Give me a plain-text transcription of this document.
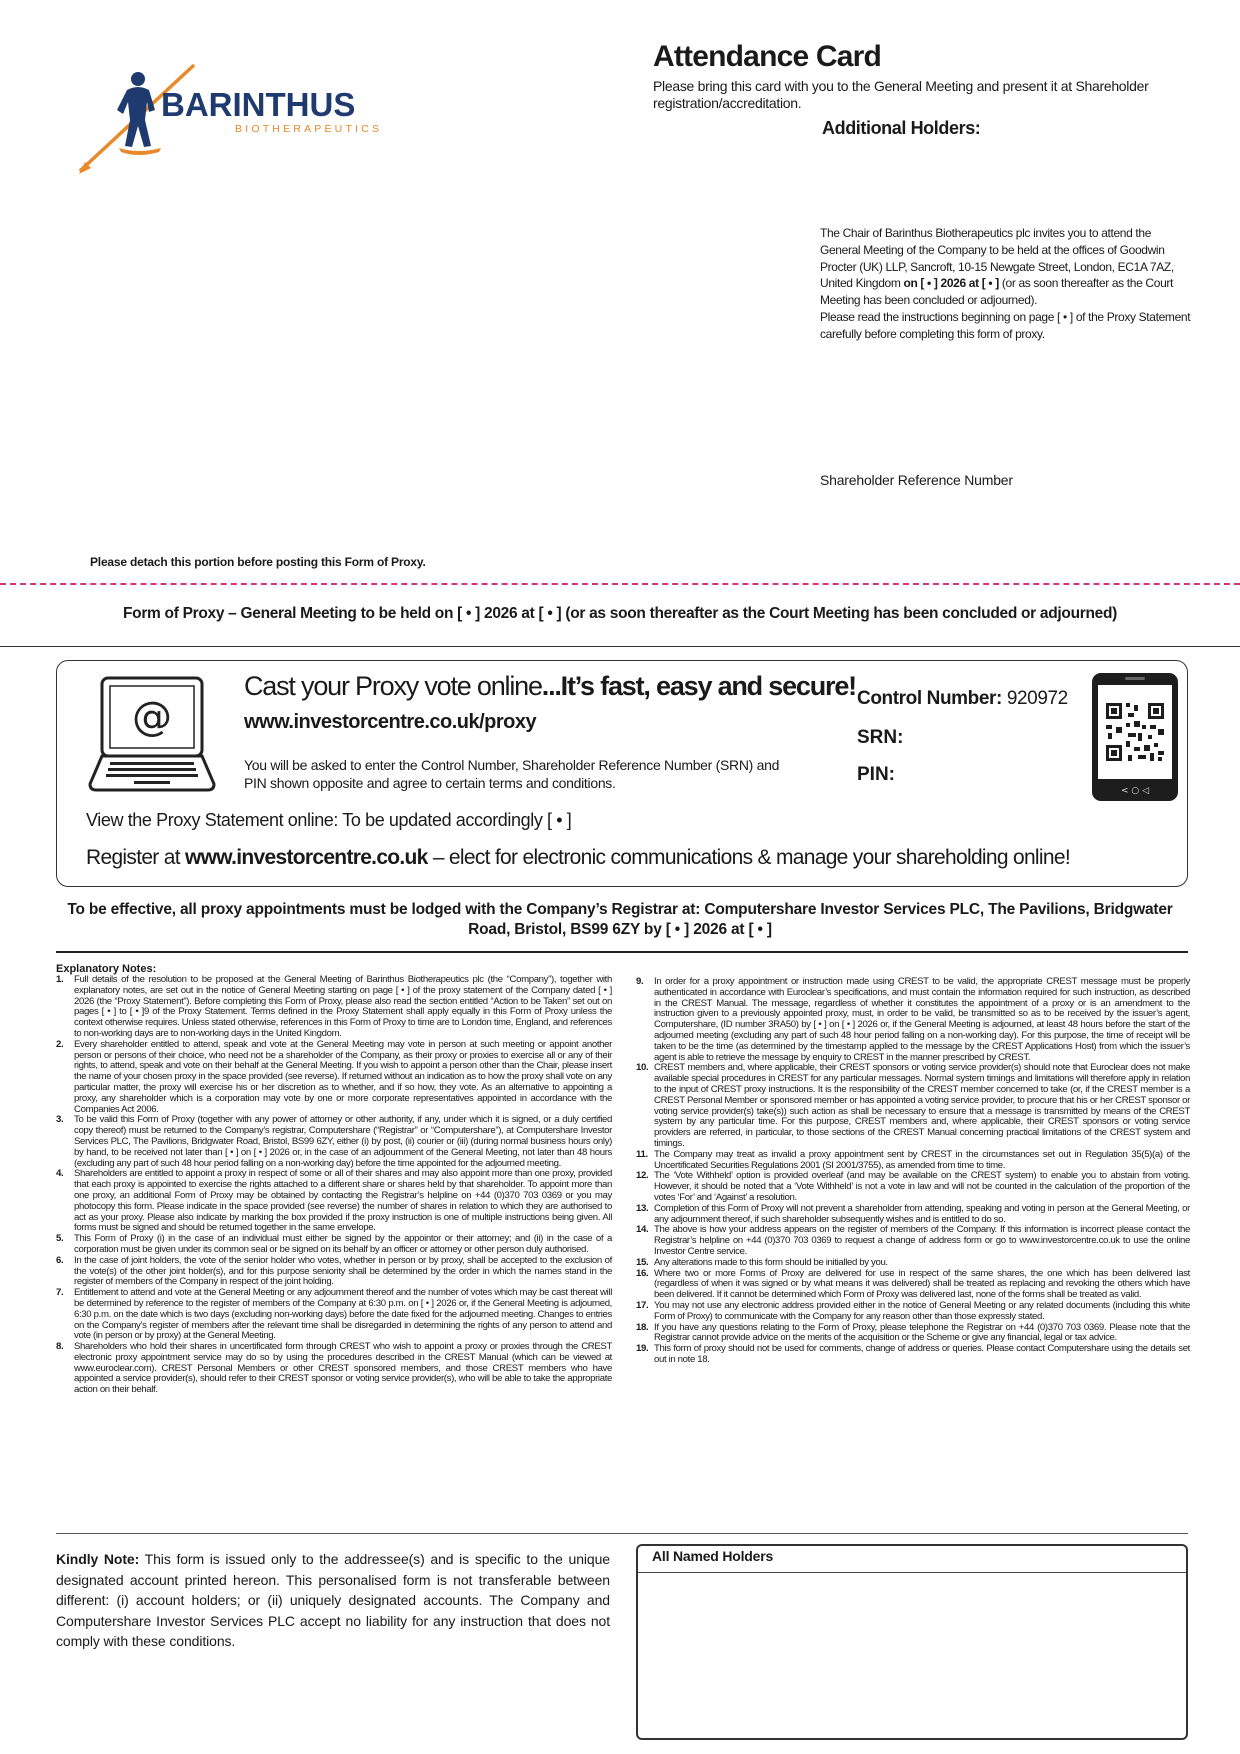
BARINTHUS
BIOTHERAPEUTICS
Attendance Card
Please bring this card with you to the General Meeting and present it at Shareholder registration/accreditation.
Additional Holders:

The Chair of Barinthus Biotherapeutics plc invites you to attend the General Meeting of the Company to be held at the offices of Goodwin Procter (UK) LLP, Sancroft, 10-15 Newgate Street, London, EC1A 7AZ, United Kingdom on [ • ] 2026 at [ • ] (or as soon thereafter as the Court Meeting has been concluded or adjourned).

Please read the instructions beginning on page [ • ] of the Proxy Statement carefully before completing this form of proxy.

Shareholder Reference Number
Please detach this portion before posting this Form of Proxy.
Form of Proxy – General Meeting to be held on [ • ] 2026 at [ • ] (or as soon thereafter as the Court Meeting has been concluded or adjourned)
@
Cast your Proxy vote online...It’s fast, easy and secure!
www.investorcentre.co.uk/proxy
You will be asked to enter the Control Number, Shareholder Reference Number (SRN) and PIN shown opposite and agree to certain terms and conditions.
Control Number: 920972
SRN:
PIN:
< ○ ◁
View the Proxy Statement online: To be updated accordingly [ • ]
Register at www.investorcentre.co.uk – elect for electronic communications & manage your shareholding online!
To be effective, all proxy appointments must be lodged with the Company’s Registrar at: Computershare Investor Services PLC, The Pavilions, Bridgwater Road, Bristol, BS99 6ZY by [ • ] 2026 at [ • ]
Explanatory Notes:
1.	Full details of the resolution to be proposed at the General Meeting of Barinthus Biotherapeutics plc (the “Company”), together with explanatory notes, are set out in the notice of General Meeting starting on page [ • ] of the proxy statement of the Company dated [ • ] 2026 (the “Proxy Statement”). Before completing this Form of Proxy, please also read the section entitled “Action to be Taken” set out on pages [ • ] to [ • ]9 of the Proxy Statement. Terms defined in the Proxy Statement shall apply equally in this Form of Proxy unless the context otherwise requires. Unless stated otherwise, references in this Form of Proxy to time are to London time, England, and references to non-working days are to non-working days in the United Kingdom.
2.	Every shareholder entitled to attend, speak and vote at the General Meeting may vote in person at such meeting or appoint another person or persons of their choice, who need not be a shareholder of the Company, as their proxy or proxies to exercise all or any of their rights, to attend, speak and vote on their behalf at the General Meeting. If you wish to appoint a person other than the Chair, please insert the name of your chosen proxy in the space provided (see reverse). If returned without an indication as to how the proxy shall vote on any particular matter, the proxy will exercise his or her discretion as to whether, and if so how, they vote. As an alternative to appointing a proxy, any shareholder which is a corporation may vote by one or more corporate representatives appointed in accordance with the Companies Act 2006.
3.	To be valid this Form of Proxy (together with any power of attorney or other authority, if any, under which it is signed, or a duly certified copy thereof) must be returned to the Company’s registrar, Computershare (“Registrar” or “Computershare”), at Computershare Investor Services PLC, The Pavilions, Bridgwater Road, Bristol, BS99 6ZY, either (i) by post, (ii) courier or (iii) (during normal business hours only) by hand, to be received not later than [ • ] on [ • ] 2026 or, in the case of an adjournment of the General Meeting, not later than 48 hours (excluding any part of such 48 hour period falling on a non-working day) before the time appointed for the adjourned meeting.
4.	Shareholders are entitled to appoint a proxy in respect of some or all of their shares and may also appoint more than one proxy, provided that each proxy is appointed to exercise the rights attached to a different share or shares held by that shareholder. To appoint more than one proxy, an additional Form of Proxy may be obtained by contacting the Registrar’s helpline on +44 (0)370 703 0369 or you may photocopy this form. Please indicate in the space provided (see reverse) the number of shares in relation to which they are authorised to act as your proxy. Please also indicate by marking the box provided if the proxy instruction is one of multiple instructions being given. All forms must be signed and should be returned together in the same envelope.
5.	This Form of Proxy (i) in the case of an individual must either be signed by the appointor or their attorney; and (ii) in the case of a corporation must be given under its common seal or be signed on its behalf by an officer or attorney or other person duly authorised.
6.	In the case of joint holders, the vote of the senior holder who votes, whether in person or by proxy, shall be accepted to the exclusion of the vote(s) of the other joint holder(s), and for this purpose seniority shall be determined by the order in which the names stand in the register of members of the Company in respect of the joint holding.
7.	Entitlement to attend and vote at the General Meeting or any adjournment thereof and the number of votes which may be cast thereat will be determined by reference to the register of members of the Company at 6:30 p.m. on [ • ] 2026 or, if the General Meeting is adjourned, 6:30 p.m. on the date which is two days (excluding non-working days) before the date fixed for the adjourned meeting. Changes to entries on the Company’s register of members after the relevant time shall be disregarded in determining the rights of any person to attend and vote (in person or by proxy) at the General Meeting.
8.	Shareholders who hold their shares in uncertificated form through CREST who wish to appoint a proxy or proxies through the CREST electronic proxy appointment service may do so by using the procedures described in the CREST Manual (which can be viewed at www.euroclear.com). CREST Personal Members or other CREST sponsored members, and those CREST members who have appointed a service provider(s), should refer to their CREST sponsor or voting service provider(s), who will be able to take the appropriate action on their behalf.
9.	In order for a proxy appointment or instruction made using CREST to be valid, the appropriate CREST message must be properly authenticated in accordance with Euroclear’s specifications, and must contain the information required for such instruction, as described in the CREST Manual. The message, regardless of whether it constitutes the appointment of a proxy or is an amendment to the instruction given to a previously appointed proxy, must, in order to be valid, be transmitted so as to be received by the issuer’s agent, Computershare, (ID number 3RA50) by [ • ] on [ • ] 2026 or, if the General Meeting is adjourned, at least 48 hours before the start of the adjourned meeting (excluding any part of such 48 hour period falling on a non-working day). For this purpose, the time of receipt will be taken to be the time (as determined by the timestamp applied to the message by the CREST Applications Host) from which the issuer’s agent is able to retrieve the message by enquiry to CREST in the manner prescribed by CREST.
10. CREST members and, where applicable, their CREST sponsors or voting service provider(s) should note that Euroclear does not make available special procedures in CREST for any particular messages. Normal system timings and limitations will therefore apply in relation to the input of CREST proxy instructions. It is the responsibility of the CREST member concerned to take (or, if the CREST member is a CREST Personal Member or sponsored member or has appointed a voting service provider, to procure that his or her CREST sponsor or voting service provider(s) take(s)) such action as shall be necessary to ensure that a message is transmitted by means of the CREST system by any particular time. For this purpose, CREST members and, where applicable, their CREST sponsors or voting service providers are referred, in particular, to those sections of the CREST Manual concerning practical limitations of the CREST system and timings.
11. The Company may treat as invalid a proxy appointment sent by CREST in the circumstances set out in Regulation 35(5)(a) of the Uncertificated Securities Regulations 2001 (SI 2001/3755), as amended from time to time.
12. The ‘Vote Withheld’ option is provided overleaf (and may be available on the CREST system) to enable you to abstain from voting. However, it should be noted that a ‘Vote Withheld’ is not a vote in law and will not be counted in the calculation of the proportion of the votes ‘For’ and ‘Against’ a resolution.
13. Completion of this Form of Proxy will not prevent a shareholder from attending, speaking and voting in person at the General Meeting, or any adjournment thereof, if such shareholder subsequently wishes and is entitled to do so.
14. The above is how your address appears on the register of members of the Company. If this information is incorrect please contact the Registrar’s helpline on +44 (0)370 703 0369 to request a change of address form or go to www.investorcentre.co.uk to use the online Investor Centre service.
15. Any alterations made to this form should be initialled by you.
16. Where two or more Forms of Proxy are delivered for use in respect of the same shares, the one which has been delivered last (regardless of when it was signed or by what means it was delivered) shall be treated as replacing and revoking the others which have been delivered. If it cannot be determined which Form of Proxy was delivered last, none of the forms shall be treated as valid.
17. You may not use any electronic address provided either in the notice of General Meeting or any related documents (including this white Form of Proxy) to communicate with the Company for any reason other than those expressly stated.
18. If you have any questions relating to the Form of Proxy, please telephone the Registrar on +44 (0)370 703 0369. Please note that the Registrar cannot provide advice on the merits of the acquisition or the Scheme or give any financial, legal or tax advice.
19. This form of proxy should not be used for comments, change of address or queries. Please contact Computershare using the details set out in note 18.
Kindly Note: This form is issued only to the addressee(s) and is specific to the unique designated account printed hereon. This personalised form is not transferable between different: (i) account holders; or (ii) uniquely designated accounts. The Company and Computershare Investor Services PLC accept no liability for any instruction that does not comply with these conditions.
All Named Holders
